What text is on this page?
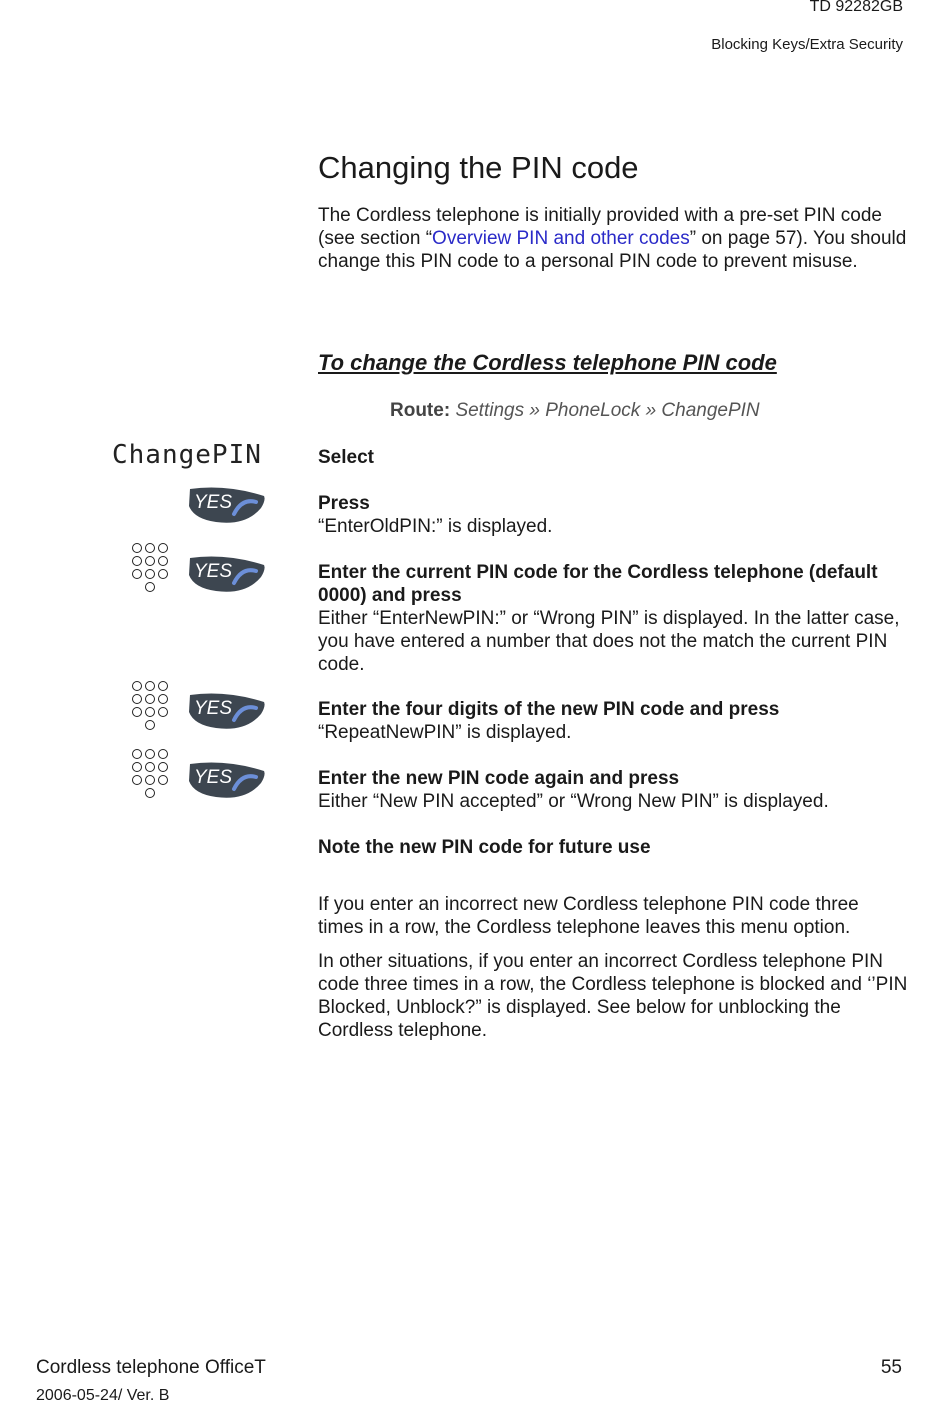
TD 92282GB
Blocking Keys/Extra Security
Changing the PIN code
The Cordless telephone is initially provided with a pre-set PIN code (see section “Overview PIN and other codes” on page 57). You should change this PIN code to a personal PIN code to prevent misuse.
To change the Cordless telephone PIN code
Route: Settings » PhoneLock » ChangePIN
ChangePIN
YES
YES
YES
YES
Select
Press
“EnterOldPIN:” is displayed.
Enter the current PIN code for the Cordless telephone (default 0000) and press
Either “EnterNewPIN:” or “Wrong PIN” is displayed. In the latter case, you have entered a number that does not the match the current PIN code.
Enter the four digits of the new PIN code and press
“RepeatNewPIN” is displayed.
Enter the new PIN code again and press
Either “New PIN accepted” or “Wrong New PIN” is displayed.
Note the new PIN code for future use
If you enter an incorrect new Cordless telephone PIN code three times in a row, the Cordless telephone leaves this menu option.
In other situations, if you enter an incorrect Cordless telephone PIN code three times in a row, the Cordless telephone is blocked and ‘’PIN Blocked, Unblock?” is displayed. See below for unblocking the Cordless telephone.
Cordless telephone OfficeT
2006-05-24/ Ver. B
55
